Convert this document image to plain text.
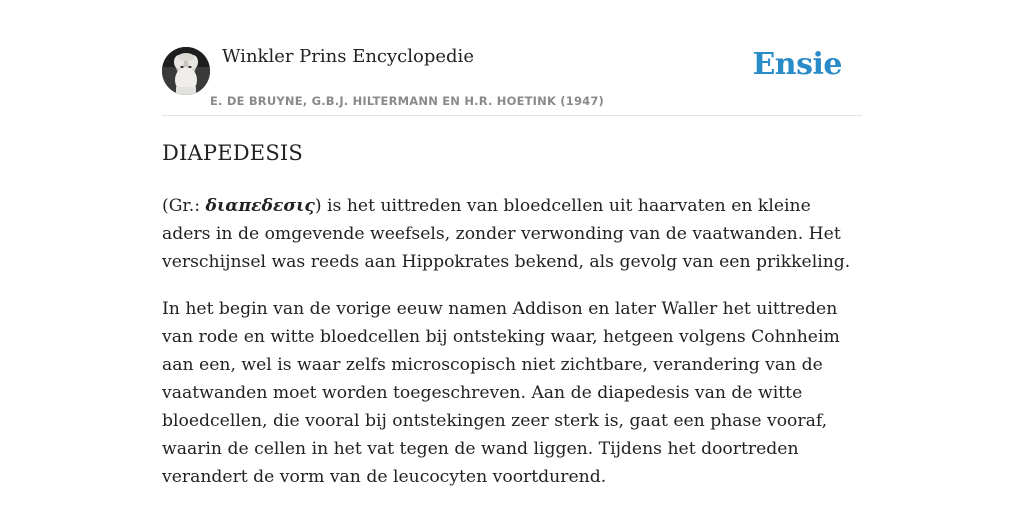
Winkler Prins Encyclopedie
E. DE BRUYNE, G.B.J. HILTERMANN EN H.R. HOETINK (1947)
Ensie
DIAPEDESIS

(Gr.: διαπεδεσις) is het uittreden van bloedcellen uit haarvaten en kleine aders in de omgevende weefsels, zonder verwonding van de vaatwanden. Het verschijnsel was reeds aan Hippokrates bekend, als gevolg van een prikkeling.

In het begin van de vorige eeuw namen Addison en later Waller het uittreden van rode en witte bloedcellen bij ontsteking waar, hetgeen volgens Cohnheim aan een, wel is waar zelfs microscopisch niet zichtbare, verandering van de vaatwanden moet worden toegeschreven. Aan de diapedesis van de witte bloedcellen, die vooral bij ontstekingen zeer sterk is, gaat een phase vooraf, waarin de cellen in het vat tegen de wand liggen. Tijdens het doortreden verandert de vorm van de leucocyten voortdurend.
